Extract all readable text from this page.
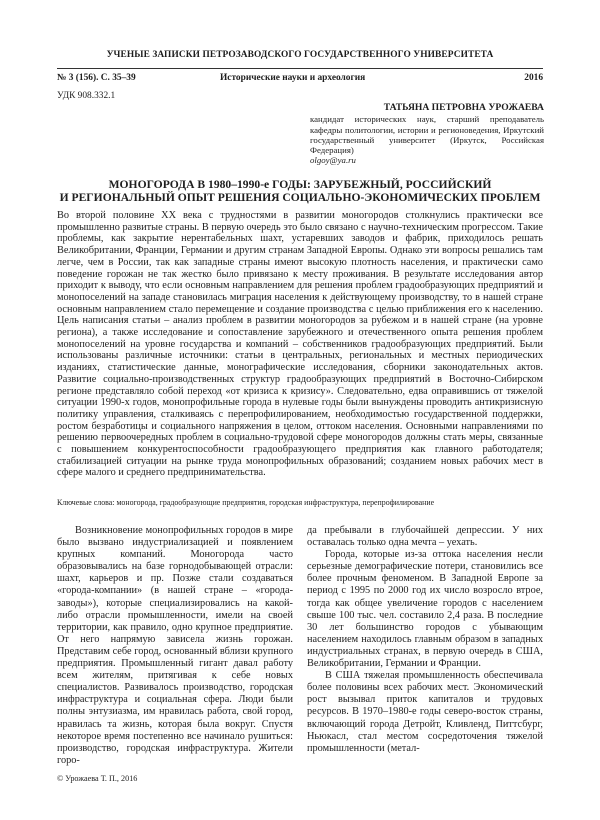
УЧЕНЫЕ ЗАПИСКИ ПЕТРОЗАВОДСКОГО ГОСУДАРСТВЕННОГО УНИВЕРСИТЕТА
№ 3 (156). С. 35–39	Исторические науки и археология	2016
УДК 908.332.1
ТАТЬЯНА ПЕТРОВНА УРОЖАЕВА
кандидат исторических наук, старший преподаватель кафедры политологии, истории и регионоведения, Иркутский государственный университет (Иркутск, Российская Федерация)
olgoy@ya.ru
МОНОГОРОДА В 1980–1990-е ГОДЫ: ЗАРУБЕЖНЫЙ, РОССИЙСКИЙ
И РЕГИОНАЛЬНЫЙ ОПЫТ РЕШЕНИЯ СОЦИАЛЬНО-ЭКОНОМИЧЕСКИХ ПРОБЛЕМ
Во второй половине XX века с трудностями в развитии моногородов столкнулись практически все промышленно развитые страны. В первую очередь это было связано с научно-техническим прогрессом. Такие проблемы, как закрытие нерентабельных шахт, устаревших заводов и фабрик, приходилось решать Великобритании, Франции, Германии и другим странам Западной Европы. Однако эти вопросы решались там легче, чем в России, так как западные страны имеют высокую плотность населения, и практически само поведение горожан не так жестко было привязано к месту проживания. В результате исследования автор приходит к выводу, что если основным направлением для решения проблем градообразующих предприятий и монопоселений на западе становилась миграция населения к действующему производству, то в нашей стране основным направлением стало перемещение и создание производства с целью приближения его к населению. Цель написания статьи – анализ проблем в развитии моногородов за рубежом и в нашей стране (на уровне региона), а также исследование и сопоставление зарубежного и отечественного опыта решения проблем монопоселений на уровне государства и компаний – собственников градообразующих предприятий. Были использованы различные источники: статьи в центральных, региональных и местных периодических изданиях, статистические данные, монографические исследования, сборники законодательных актов. Развитие социально-производственных структур градообразующих предприятий в Восточно-Сибирском регионе представляло собой переход «от кризиса к кризису». Следовательно, едва оправившись от тяжелой ситуации 1990-х годов, монопрофильные города в нулевые годы были вынуждены проводить антикризисную политику управления, сталкиваясь с перепрофилированием, необходимостью государственной поддержки, ростом безработицы и социального напряжения в целом, оттоком населения. Основными направлениями по решению первоочередных проблем в социально-трудовой сфере моногородов должны стать меры, связанные с повышением конкурентоспособности градообразующего предприятия как главного работодателя; стабилизацией ситуации на рынке труда монопрофильных образований; созданием новых рабочих мест в сфере малого и среднего предпринимательства.
Ключевые слова: моногорода, градообразующие предприятия, городская инфраструктура, перепрофилирование

Возникновение монопрофильных городов в мире было вызвано индустриализацией и появлением крупных компаний. Моногорода часто образовывались на базе горнодобывающей отрасли: шахт, карьеров и пр. Позже стали создаваться «города-компании» (в нашей стране – «города-заводы»), которые специализировались на какой-либо отрасли промышленности, имели на своей территории, как правило, одно крупное предприятие. От него напрямую зависела жизнь горожан. Представим себе город, основанный вблизи крупного предприятия. Промышленный гигант давал работу всем жителям, притягивая к себе новых специалистов. Развивалось производство, городская инфраструктура и социальная сфера. Люди были полны энтузиазма, им нравилась работа, свой город, нравилась та жизнь, которая была вокруг. Спустя некоторое время постепенно все начинало рушиться: производство, городская инфраструктура. Жители горо-

да пребывали в глубочайшей депрессии. У них оставалась только одна мечта – уехать.

Города, которые из-за оттока населения несли серьезные демографические потери, становились все более прочным феноменом. В Западной Европе за период с 1995 по 2000 год их число возросло втрое, тогда как общее увеличение городов с населением свыше 100 тыс. чел. составило 2,4 раза. В последние 30 лет большинство городов с убывающим населением находилось главным образом в западных индустриальных странах, в первую очередь в США, Великобритании, Германии и Франции.

В США тяжелая промышленность обеспечивала более половины всех рабочих мест. Экономический рост вызывал приток капиталов и трудовых ресурсов. В 1970–1980-е годы северо-восток страны, включающий города Детройт, Кливленд, Питтсбург, Ньюкасл, стал местом сосредоточения тяжелой промышленности (метал-

© Урожаева Т. П., 2016
